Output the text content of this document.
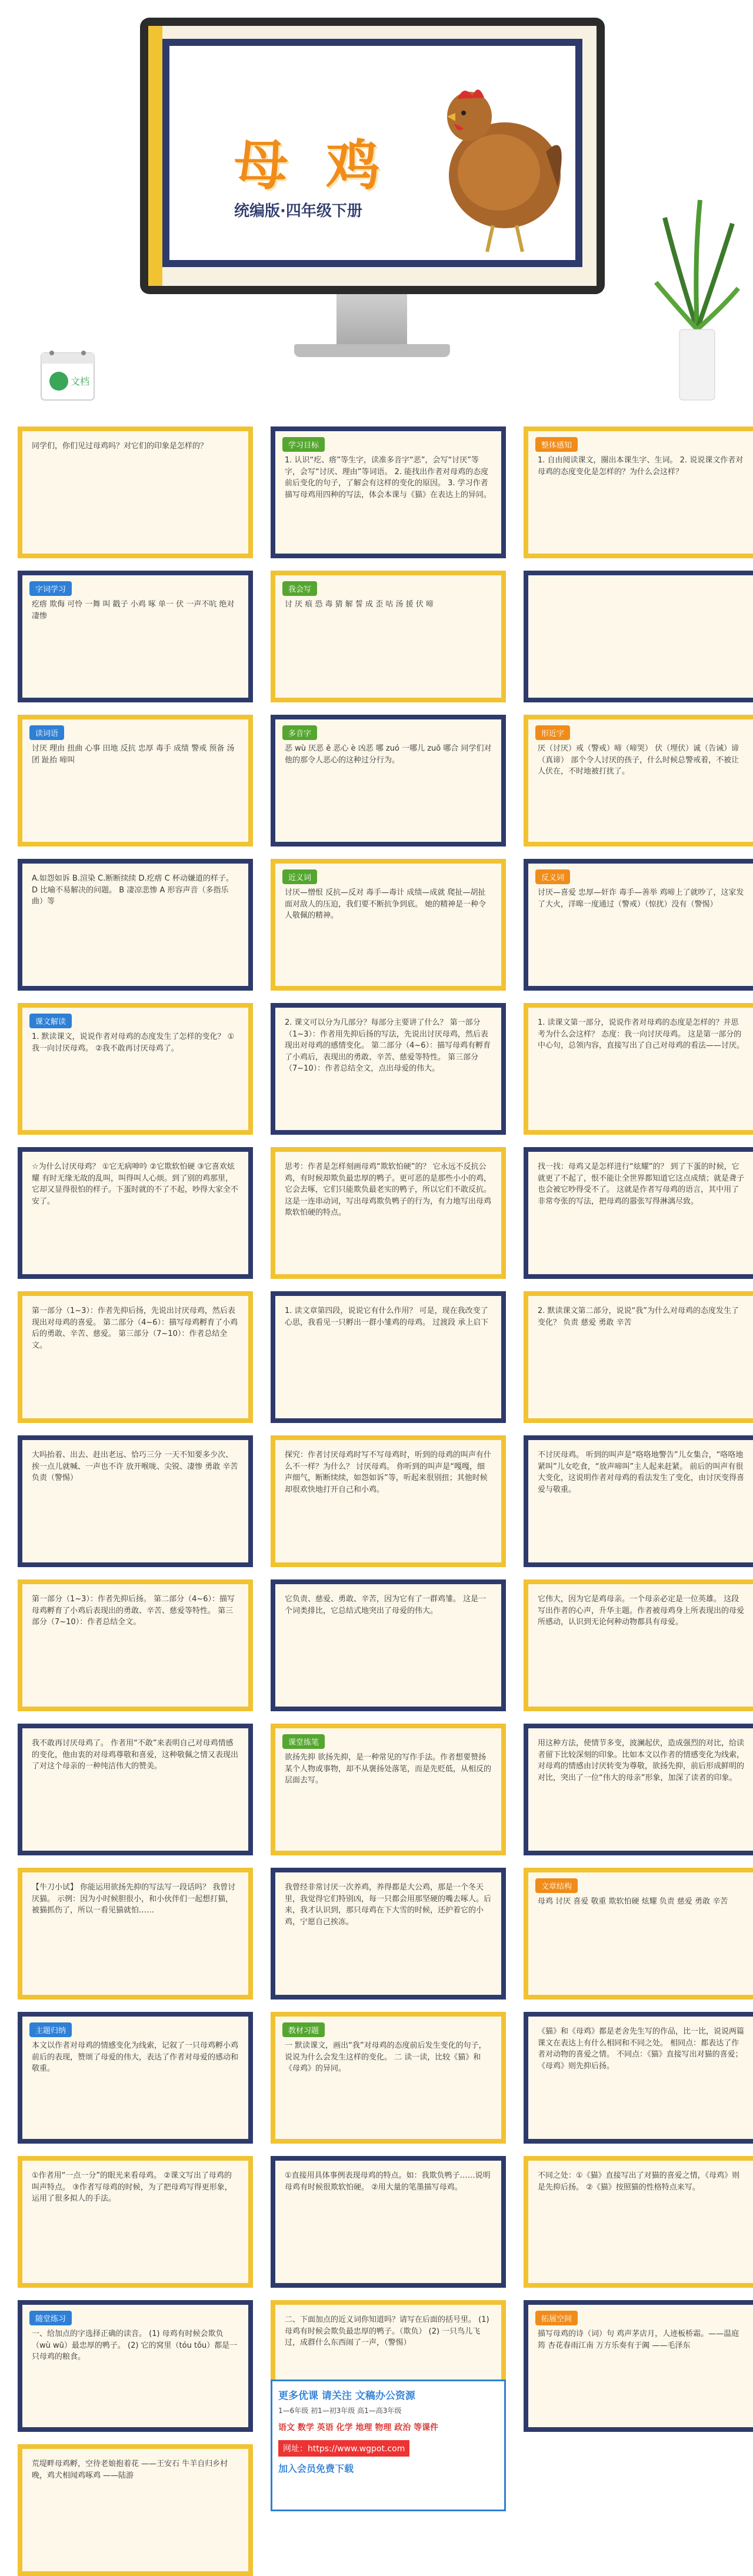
母 鸡
统编版·四年级下册
文档
同学们，你们见过母鸡吗？对它们的印象是怎样的？	学习目标
1. 认识“疙、瘩”等生字，读准多音字“恶”，会写“讨厌”等字，会写“讨厌、理由”等词语。 2. 能找出作者对母鸡的态度前后变化的句子，了解会有这样的变化的原因。 3. 学习作者描写母鸡用四种的写法，体会本课与《猫》在表达上的异同。
整体感知
1. 自由阅读课文，圈出本课生字、生词。 2. 说说课文作者对母鸡的态度变化是怎样的？为什么会这样？
字词学习
疙瘩 欺侮 可怜 一舞 叫 戳子 小鸡 啄 单一 伏 一声不吭 绝对 凄惨
我会写
讨 厌 痕 恐 毒 猜 解 誓 成 歪 咕 汤 援 伏 啼
读词语
讨厌 理由 扭曲 心事 田地 反抗 忠厚 毒手 成绩 警戒 预备 汤团 趾抬 啼叫
多音字
恶 wù 厌恶 ě 恶心 è 凶恶 哪 zuó 一哪儿 zuō 哪合 同学们对他的那令人恶心的这种过分行为。
形近字
厌（讨厌）戒（警戒）啼（啼哭） 伏（埋伏）诚（告诫）谛（真谛） 部个令人讨厌的孩子，什么时候总警戒着，不被让人伏在，不时地被打扰了。
A.如怨如诉 B.渲染 C.断断续续 D.疙瘩 C 杯动嫌道的样子。 D 比喻不易解决的问题。 B 凄凉悲惨 A 形容声音（多指乐曲）等
近义词
讨厌—憎恨 反抗—反对 毒手—毒计 成绩—成就 爬扯—胡扯 面对敌人的压迫，我们要不断抗争到底。 她的精神是一种令人敬佩的精神。
反义词
讨厌—喜爱 忠厚—奸诈 毒手—善举 鸡啼上了就吵了，这家发了大火，洋嗥一度通过（警戒）（惊扰）没有（警惕）
课文解读
1. 默读课文，说说作者对母鸡的态度发生了怎样的变化？ ①我一向讨厌母鸡。 ②我不敢再讨厌母鸡了。
2. 课文可以分为几部分？每部分主要讲了什么？ 第一部分（1~3）：作者用先抑后扬的写法，先说出讨厌母鸡，然后表现出对母鸡的感情变化。 第二部分（4~6）：描写母鸡有孵育了小鸡后，表现出的勇敢、辛苦、慈爱等特性。 第三部分（7~10）：作者总结全文，点出母爱的伟大。
1. 读课文第一部分，说说作者对母鸡的态度是怎样的？并思考为什么会这样？ 态度：我一向讨厌母鸡。 这是第一部分的中心句，总领内容，直接写出了自己对母鸡的看法——讨厌。
☆为什么讨厌母鸡？ ①它无病呻吟 ②它欺软怕硬 ③它喜欢炫耀 有时无缘无故的乱叫，叫得叫人心烦。到了别的鸡那里，它却又显得很怕的样子。下蛋时就的不了不起，吵得大家全不安了。
思考：作者是怎样刻画母鸡“欺软怕硬”的？ 它永远不反抗公鸡，有时候却欺负最忠厚的鸭子。更可恶的是那些小小的鸡，它会去啄，它们只能欺负最老实的鸭子，所以它们不敢反抗。 这是一连串动词，写出母鸡欺负鸭子的行为，有力地写出母鸡欺软怕硬的特点。
找一找：母鸡又是怎样进行“炫耀”的？ 到了下蛋的时候，它就更了不起了，恨不能让全世界都知道它这点成绩；就是聋子也会被它吵得受不了。 这就是作者写母鸡的语言，其中用了非常夸张的写法，把母鸡的嚣张写得淋漓尽致。
第一部分（1~3）：作者先抑后扬，先说出讨厌母鸡，然后表现出对母鸡的喜爱。 第二部分（4~6）：描写母鸡孵育了小鸡后的勇敢、辛苦、慈爱。 第三部分（7~10）：作者总结全文。
1. 读文章第四段，说说它有什么作用？ 可是，现在我改变了心思，我看见一只孵出一群小雏鸡的母鸡。 过渡段 承上启下
2. 默读课文第二部分，说说“我”为什么对母鸡的态度发生了变化？ 负责 慈爱 勇敢 辛苦
大吗抬着、出去、赶出老远、恰巧三分 一天不知要多少次、挨一点儿就喊、一声也不许 放开喉咙、尖锐、凄惨 勇敢 辛苦 负责（警惕）
探究：作者讨厌母鸡时写不写母鸡时，听到的母鸡的叫声有什么不一样？为什么？ 讨厌母鸡。 你听到的叫声是“嘎嘎，细声细气，断断续续，如怨如诉”等，听起来很别扭；其他时候却很欢快地打开自己和小鸡。
不讨厌母鸡。 听到的叫声是“咯咯地警告”儿女集合，“咯咯地紧叫”儿女吃食，“放声啼叫”主人起来赶紧。 前后的叫声有很大变化，这说明作者对母鸡的看法发生了变化，由讨厌变得喜爱与敬重。
第一部分（1~3）：作者先抑后扬。 第二部分（4~6）：描写母鸡孵育了小鸡后表现出的勇敢、辛苦、慈爱等特性。 第三部分（7~10）：作者总结全文。
它负责、慈爱、勇敢、辛苦，因为它有了一群鸡雏。 这是一个词类排比，它总结式地突出了母爱的伟大。
它伟大，因为它是鸡母亲。一个母亲必定是一位英雄。 这段写出作者的心声，升华主题。作者被母鸡身上所表现出的母爱所感动，认识到无论何种动物都具有母爱。
我不敢再讨厌母鸡了。 作者用“不敢”来表明自己对母鸡情感的变化，他由衷的对母鸡尊敬和喜爱，这种敬佩之情又表现出了对这个母亲的一种纯洁伟大的赞美。
课堂练笔
欲扬先抑 欲扬先抑，是一种常见的写作手法。作者想要赞扬某个人物或事物，却不从褒扬处落笔，而是先贬低，从相反的层面去写。
用这种方法，使情节多变，波澜起伏，造成强烈的对比，给读者留下比较深刻的印象。比如本文以作者的情感变化为线索，对母鸡的情感由讨厌转变为尊敬，欲扬先抑，前后形成鲜明的对比，突出了一位“伟大的母亲”形象，加深了读者的印象。
【牛刀小试】 你能运用欲扬先抑的写法写一段话吗？ 我曾讨厌猫。 示例：因为小时候胆很小，和小伙伴们一起想打猫，被猫抓伤了，所以一看见猫就怕……
我曾经非常讨厌一次养鸡，养得都是大公鸡，那是一个冬天里，我觉得它们特别凶，每一只都会用那坚硬的嘴去啄人。后来，我才认识到，那只母鸡在下大雪的时候，还护着它的小鸡，宁愿自己挨冻。
文章结构
母鸡 讨厌 喜爱 敬重 欺软怕硬 炫耀 负责 慈爱 勇敢 辛苦
主题归纳
本文以作者对母鸡的情感变化为线索，记叙了一只母鸡孵小鸡前后的表现，赞颂了母爱的伟大，表达了作者对母爱的感动和敬重。
教材习题
一 默读课文，画出“我”对母鸡的态度前后发生变化的句子，说说为什么会发生这样的变化。 二 读一读，比较《猫》和《母鸡》的异同。
《猫》和《母鸡》都是老舍先生写的作品，比一比，说说两篇课文在表达上有什么相同和不同之处。 相同点：都表达了作者对动物的喜爱之情。 不同点：《猫》直接写出对猫的喜爱；《母鸡》则先抑后扬。
①作者用“一点一分”的眼光来看母鸡。 ②课文写出了母鸡的叫声特点。 ③作者写母鸡的时候，为了把母鸡写得更形象，运用了很多拟人的手法。
①直接用具体事例表现母鸡的特点。如：我欺负鸭子……说明母鸡有时候很欺软怕硬。 ②用大量的笔墨描写母鸡。
不同之处：①《猫》直接写出了对猫的喜爱之情，《母鸡》则是先抑后扬。 ②《猫》按照猫的性格特点来写。
随堂练习
一、给加点的字选择正确的读音。 (1) 母鸡有时候会欺负（wù wū）最忠厚的鸭子。 (2) 它的窝里（tóu tǒu）都是一只母鸡的粮食。
二、下面加点的近义词你知道吗？请写在后面的括号里。 (1) 母鸡有时候会欺负最忠厚的鸭子。（欺负） (2) 一只鸟儿飞过，成群什么东西闹了一声，（警惕）
拓展空间
描写母鸡的诗（词）句 鸡声茅店月，人迹板桥霜。——温庭筠 杏花春雨江南 万方乐奏有于阗 ——毛泽东
荒堤畔母鸡孵，空待老娘抱着花 ——王安石 牛羊自归乡村晚，鸡犬相闻鸡啄鸡 ——陆游
更多优课 请关注 文稿办公资源
1—6年级 初1—初3年级 高1—高3年级
语文 数学 英语 化学 地理 物理 政治 等课件
网址：https://www.wgpot.com
加入会员免费下载
